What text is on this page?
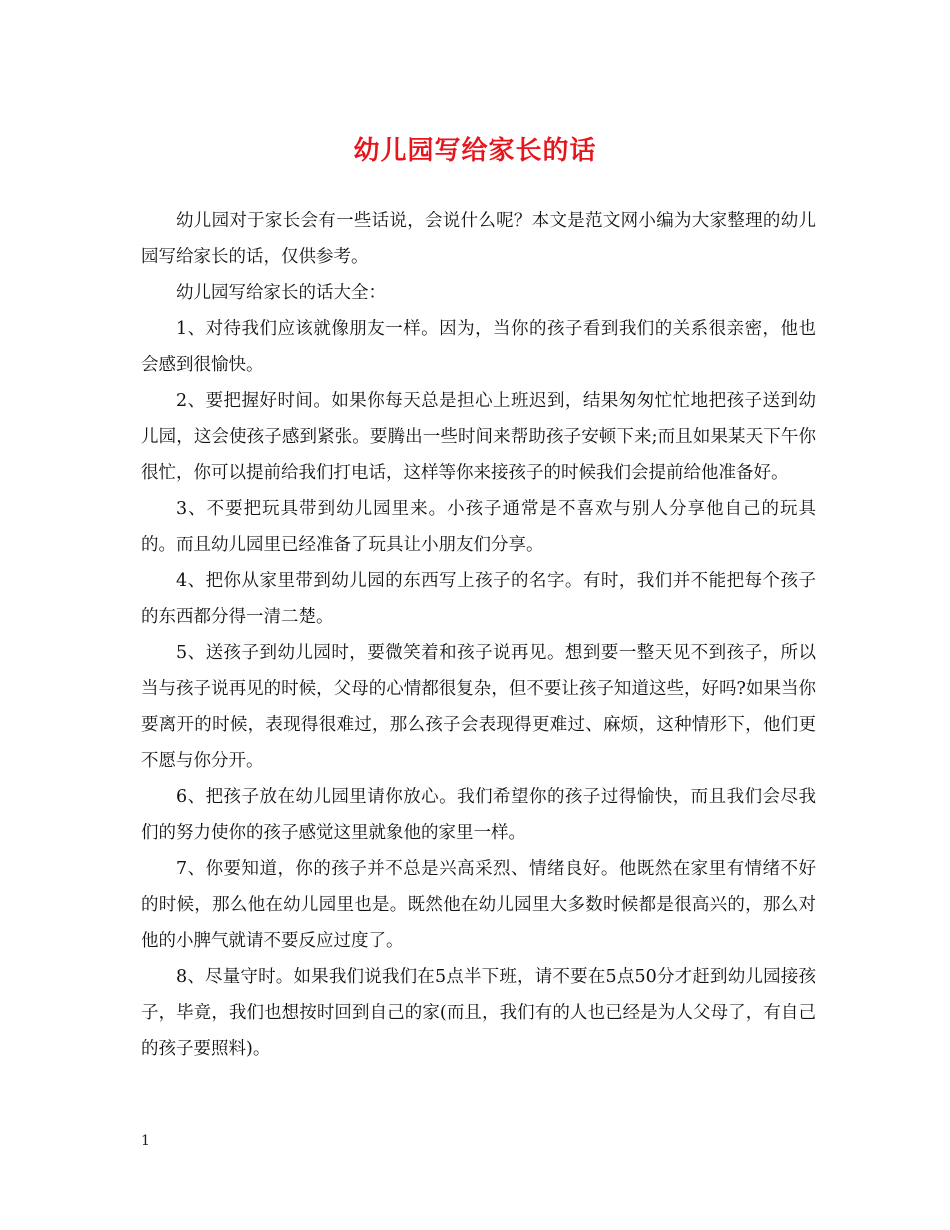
幼儿园写给家长的话

幼儿园对于家长会有一些话说，会说什么呢？本文是范文网小编为大家整理的幼儿园写给家长的话，仅供参考。

幼儿园写给家长的话大全：

1、对待我们应该就像朋友一样。因为，当你的孩子看到我们的关系很亲密，他也会感到很愉快。

2、要把握好时间。如果你每天总是担心上班迟到，结果匆匆忙忙地把孩子送到幼儿园，这会使孩子感到紧张。要腾出一些时间来帮助孩子安顿下来;而且如果某天下午你很忙，你可以提前给我们打电话，这样等你来接孩子的时候我们会提前给他准备好。

3、不要把玩具带到幼儿园里来。小孩子通常是不喜欢与别人分享他自己的玩具的。而且幼儿园里已经准备了玩具让小朋友们分享。

4、把你从家里带到幼儿园的东西写上孩子的名字。有时，我们并不能把每个孩子的东西都分得一清二楚。

5、送孩子到幼儿园时，要微笑着和孩子说再见。想到要一整天见不到孩子，所以当与孩子说再见的时候，父母的心情都很复杂，但不要让孩子知道这些，好吗?如果当你要离开的时候，表现得很难过，那么孩子会表现得更难过、麻烦，这种情形下，他们更不愿与你分开。

6、把孩子放在幼儿园里请你放心。我们希望你的孩子过得愉快，而且我们会尽我们的努力使你的孩子感觉这里就象他的家里一样。

7、你要知道，你的孩子并不总是兴高采烈、情绪良好。他既然在家里有情绪不好的时候，那么他在幼儿园里也是。既然他在幼儿园里大多数时候都是很高兴的，那么对他的小脾气就请不要反应过度了。

8、尽量守时。如果我们说我们在5点半下班，请不要在5点50分才赶到幼儿园接孩子，毕竟，我们也想按时回到自己的家(而且，我们有的人也已经是为人父母了，有自己的孩子要照料)。

1
